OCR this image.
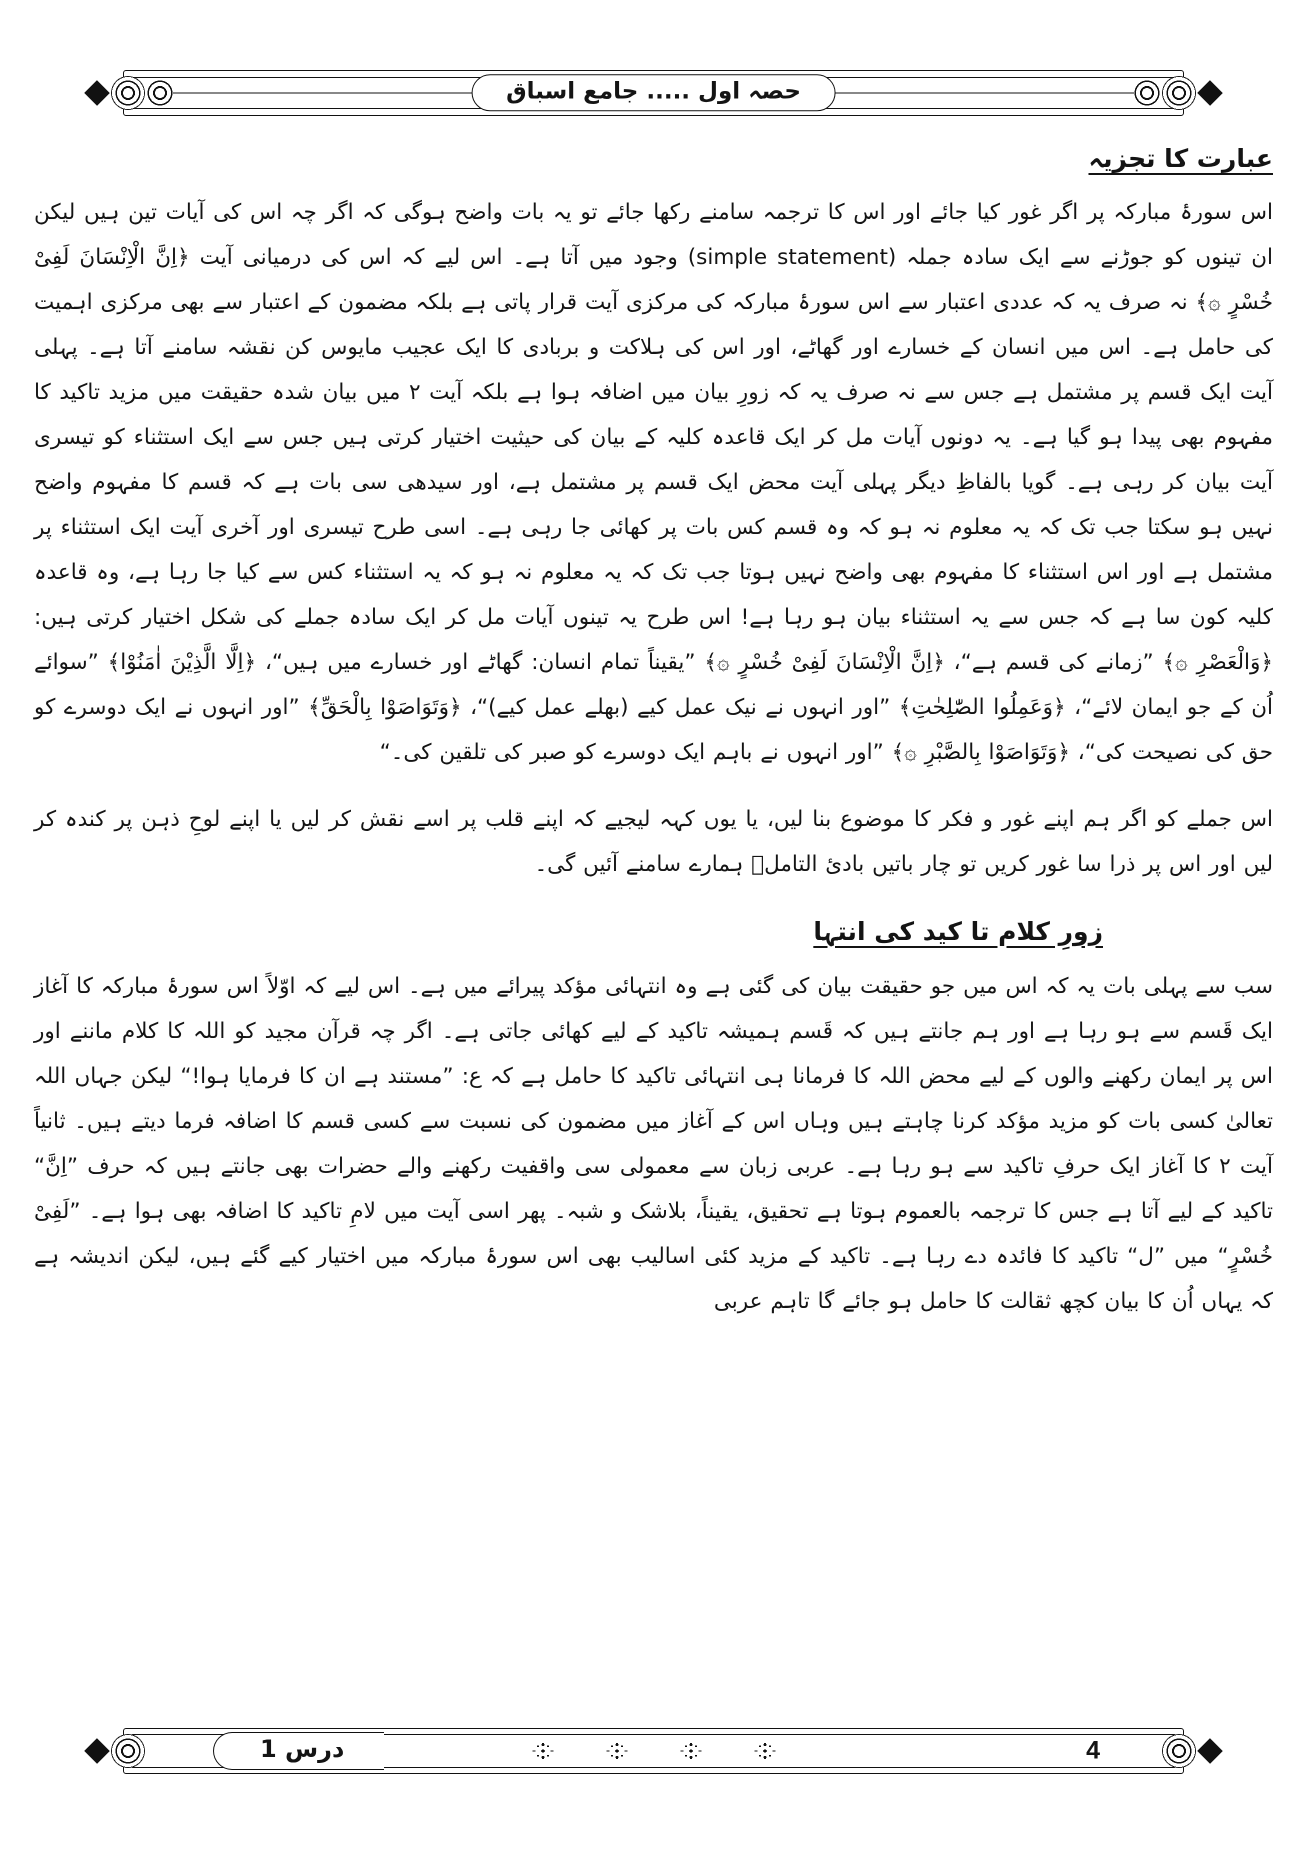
حصہ اول ..... جامع اسباق
عبارت کا تجزیہ

اس سورۂ مبارکہ پر اگر غور کیا جائے اور اس کا ترجمہ سامنے رکھا جائے تو یہ بات واضح ہوگی کہ اگر چہ اس کی آیات تین ہیں لیکن ان تینوں کو جوڑنے سے ایک سادہ جملہ (simple statement) وجود میں آتا ہے۔ اس لیے کہ اس کی درمیانی آیت ﴿اِنَّ الْاِنْسَانَ لَفِىْ خُسْرٍ ۞﴾ نہ صرف یہ کہ عددی اعتبار سے اس سورۂ مبارکہ کی مرکزی آیت قرار پاتی ہے بلکہ مضمون کے اعتبار سے بھی مرکزی اہمیت کی حامل ہے۔ اس میں انسان کے خسارے اور گھاٹے، اور اس کی ہلاکت و بربادی کا ایک عجیب مایوس کن نقشہ سامنے آتا ہے۔ پہلی آیت ایک قسم پر مشتمل ہے جس سے نہ صرف یہ کہ زورِ بیان میں اضافہ ہوا ہے بلکہ آیت ۲ میں بیان شدہ حقیقت میں مزید تاکید کا مفہوم بھی پیدا ہو گیا ہے۔ یہ دونوں آیات مل کر ایک قاعدہ کلیہ کے بیان کی حیثیت اختیار کرتی ہیں جس سے ایک استثناء کو تیسری آیت بیان کر رہی ہے۔ گویا بالفاظِ دیگر پہلی آیت محض ایک قسم پر مشتمل ہے، اور سیدھی سی بات ہے کہ قسم کا مفہوم واضح نہیں ہو سکتا جب تک کہ یہ معلوم نہ ہو کہ وہ قسم کس بات پر کھائی جا رہی ہے۔ اسی طرح تیسری اور آخری آیت ایک استثناء پر مشتمل ہے اور اس استثناء کا مفہوم بھی واضح نہیں ہوتا جب تک کہ یہ معلوم نہ ہو کہ یہ استثناء کس سے کیا جا رہا ہے، وہ قاعدہ کلیہ کون سا ہے کہ جس سے یہ استثناء بیان ہو رہا ہے! اس طرح یہ تینوں آیات مل کر ایک سادہ جملے کی شکل اختیار کرتی ہیں: ﴿وَالْعَصْرِ ۞﴾ ”زمانے کی قسم ہے“، ﴿اِنَّ الْاِنْسَانَ لَفِىْ خُسْرٍ ۞﴾ ”یقیناً تمام انسان: گھاٹے اور خسارے میں ہیں“، ﴿اِلَّا الَّذِیْنَ اٰمَنُوْا﴾ ”سوائے اُن کے جو ایمان لائے“، ﴿وَعَمِلُوا الصّٰلِحٰتِ﴾ ”اور انہوں نے نیک عمل کیے (بھلے عمل کیے)“، ﴿وَتَوَاصَوْا بِالْحَقِّ﴾ ”اور انہوں نے ایک دوسرے کو حق کی نصیحت کی“، ﴿وَتَوَاصَوْا بِالصَّبْرِ ۞﴾ ”اور انہوں نے باہم ایک دوسرے کو صبر کی تلقین کی۔“

اس جملے کو اگر ہم اپنے غور و فکر کا موضوع بنا لیں، یا یوں کہہ لیجیے کہ اپنے قلب پر اسے نقش کر لیں یا اپنے لوحِ ذہن پر کندہ کر لیں اور اس پر ذرا سا غور کریں تو چار باتیں بادئ التاملؑ ہمارے سامنے آئیں گی۔

زورِ کلام تا کید کی انتہا

سب سے پہلی بات یہ کہ اس میں جو حقیقت بیان کی گئی ہے وہ انتہائی مؤکد پیرائے میں ہے۔ اس لیے کہ اوّلاً اس سورۂ مبارکہ کا آغاز ایک قَسم سے ہو رہا ہے اور ہم جانتے ہیں کہ قَسم ہمیشہ تاکید کے لیے کھائی جاتی ہے۔ اگر چہ قرآن مجید کو اللہ کا کلام ماننے اور اس پر ایمان رکھنے والوں کے لیے محض اللہ کا فرمانا ہی انتہائی تاکید کا حامل ہے کہ ع: ”مستند ہے ان کا فرمایا ہوا!“ لیکن جہاں اللہ تعالیٰ کسی بات کو مزید مؤکد کرنا چاہتے ہیں وہاں اس کے آغاز میں مضمون کی نسبت سے کسی قسم کا اضافہ فرما دیتے ہیں۔ ثانیاً آیت ۲ کا آغاز ایک حرفِ تاکید سے ہو رہا ہے۔ عربی زبان سے معمولی سی واقفیت رکھنے والے حضرات بھی جانتے ہیں کہ حرف ”اِنَّ“ تاکید کے لیے آتا ہے جس کا ترجمہ بالعموم ہوتا ہے تحقیق، یقیناً، بلاشک و شبہ۔ پھر اسی آیت میں لامِ تاکید کا اضافہ بھی ہوا ہے۔ ”لَفِىْ خُسْرٍ“ میں ”ل“ تاکید کا فائدہ دے رہا ہے۔ تاکید کے مزید کئی اسالیب بھی اس سورۂ مبارکہ میں اختیار کیے گئے ہیں، لیکن اندیشہ ہے کہ یہاں اُن کا بیان کچھ ثقالت کا حامل ہو جائے گا تاہم عربی

درس 1	4
